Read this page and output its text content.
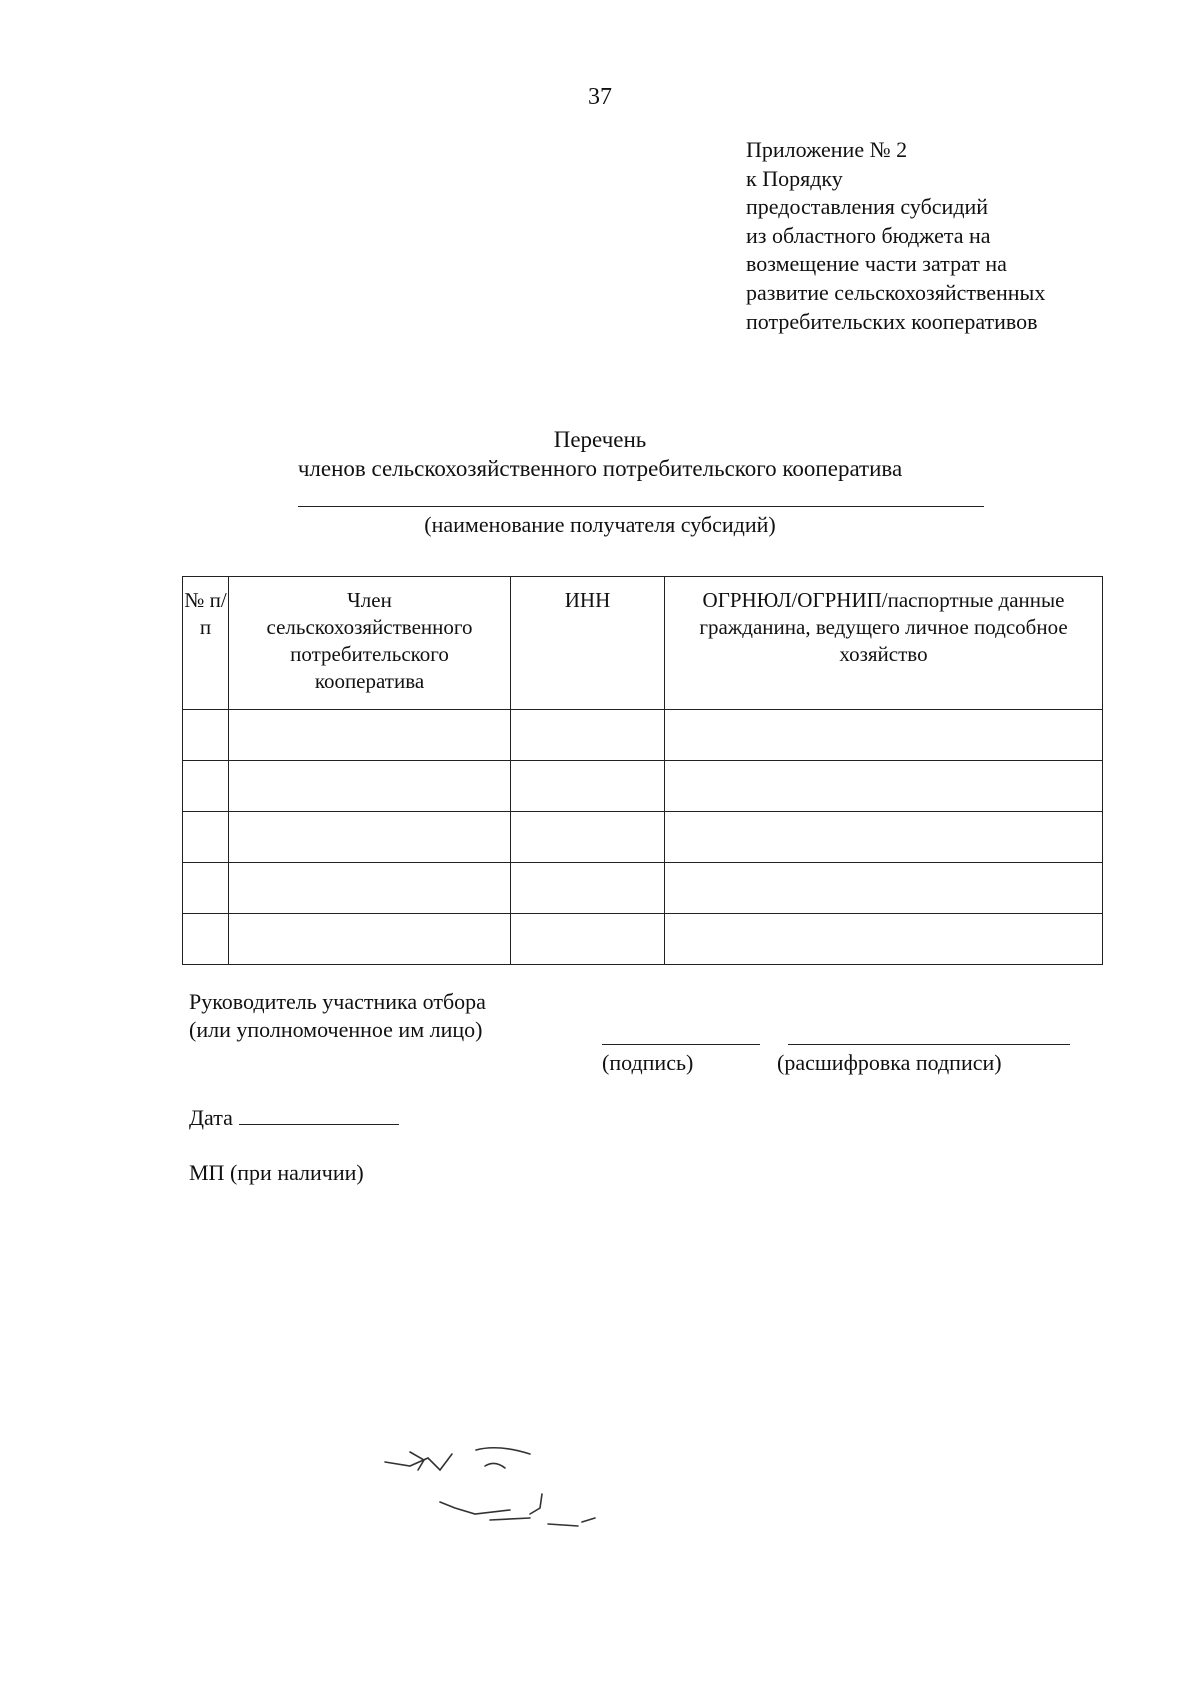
37
Приложение № 2
к Порядку
предоставления субсидий
из областного бюджета на
возмещение части затрат на
развитие сельскохозяйственных
потребительских кооперативов
Перечень
членов сельскохозяйственного потребительского кооператива
(наименование получателя субсидий)
№ п/п	Член сельскохозяйственного потребительского кооператива	ИНН	ОГРНЮЛ/ОГРНИП/паспортные данные гражданина, ведущего личное подсобное хозяйство

Руководитель участника отбора
(или уполномоченное им лицо)
(подпись)	(расшифровка подписи)
Дата
МП (при наличии)
